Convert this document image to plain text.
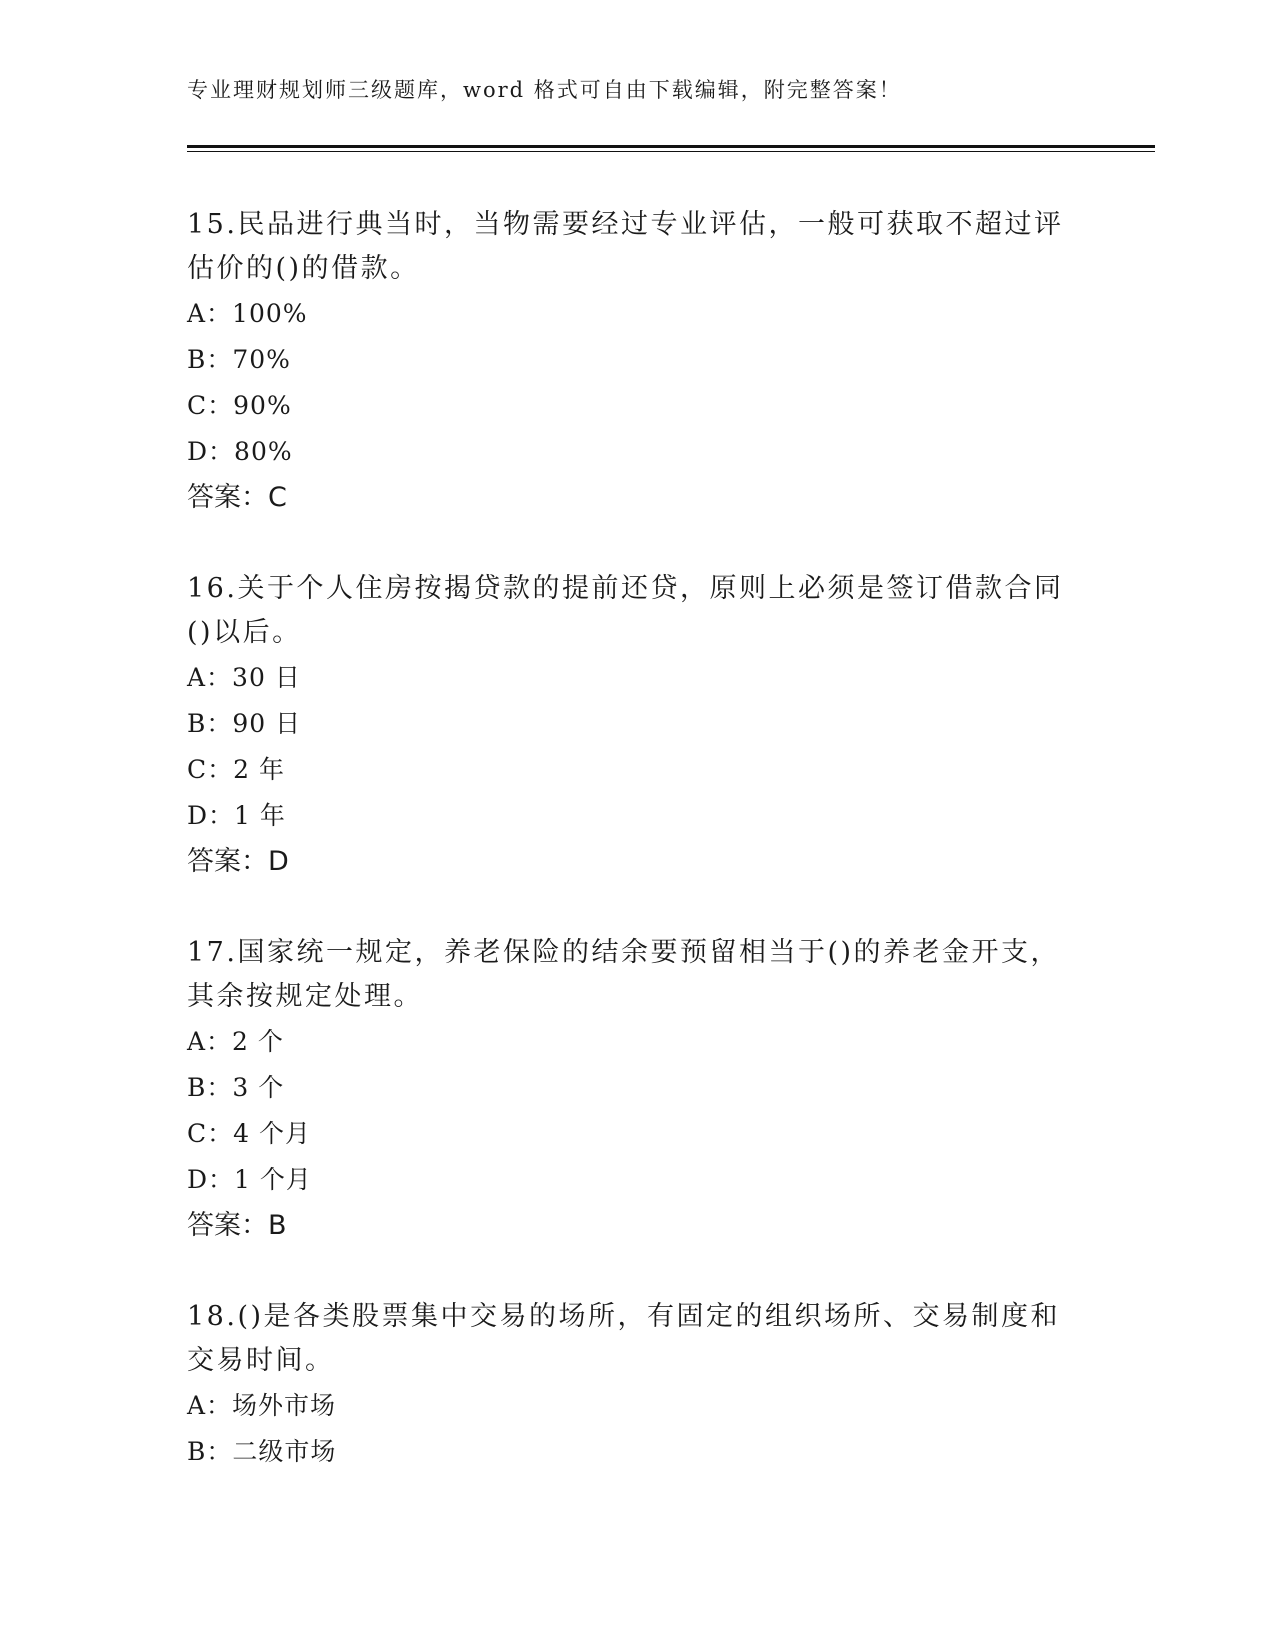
专业理财规划师三级题库，word 格式可自由下载编辑，附完整答案！

15.民品进行典当时，当物需要经过专业评估，一般可获取不超过评估价的()的借款。

A：100%

B：70%

C：90%

D：80%

答案：C

16.关于个人住房按揭贷款的提前还贷，原则上必须是签订借款合同()以后。

A：30 日

B：90 日

C：2 年

D：1 年

答案：D

17.国家统一规定，养老保险的结余要预留相当于()的养老金开支，其余按规定处理。

A：2 个

B：3 个

C：4 个月

D：1 个月

答案：B

18.()是各类股票集中交易的场所，有固定的组织场所、交易制度和交易时间。

A：场外市场

B：二级市场
